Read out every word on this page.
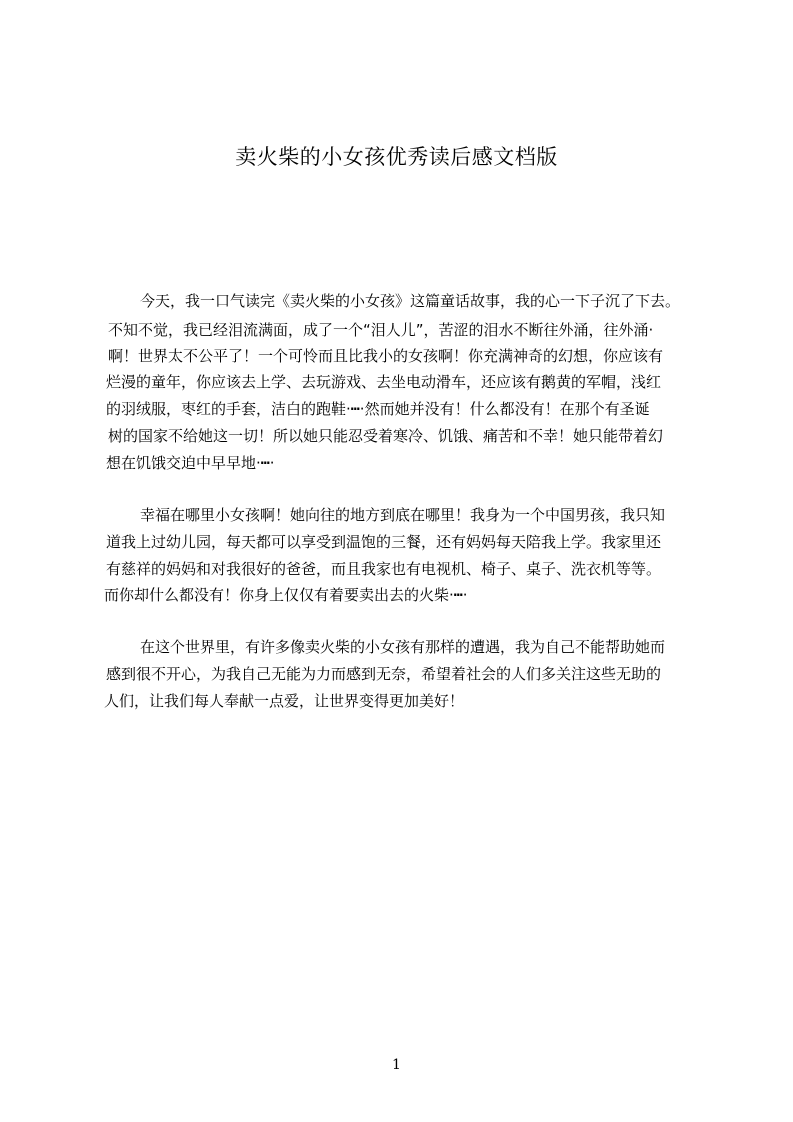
卖火柴的小女孩优秀读后感文档版
今天，我一口气读完《卖火柴的小女孩》这篇童话故事，我的心一下子沉了下去。
不知不觉，我已经泪流满面，成了一个“泪人儿”，苦涩的泪水不断往外涌，往外涌·
啊！世界太不公平了！一个可怜而且比我小的女孩啊！你充满神奇的幻想，你应该有
烂漫的童年，你应该去上学、去玩游戏、去坐电动滑车，还应该有鹅黄的军帽，浅红
的羽绒服，枣红的手套，洁白的跑鞋·┅·然而她并没有！什么都没有！在那个有圣诞
树的国家不给她这一切！所以她只能忍受着寒冷、饥饿、痛苦和不幸！她只能带着幻
想在饥饿交迫中早早地·┅·
幸福在哪里小女孩啊！她向往的地方到底在哪里！我身为一个中国男孩，我只知
道我上过幼儿园，每天都可以享受到温饱的三餐，还有妈妈每天陪我上学。我家里还
有慈祥的妈妈和对我很好的爸爸，而且我家也有电视机、椅子、桌子、洗衣机等等。
而你却什么都没有！你身上仅仅有着要卖出去的火柴·┅·
在这个世界里，有许多像卖火柴的小女孩有那样的遭遇，我为自己不能帮助她而
感到很不开心，为我自己无能为力而感到无奈，希望着社会的人们多关注这些无助的
人们，让我们每人奉献一点爱，让世界变得更加美好！
1
